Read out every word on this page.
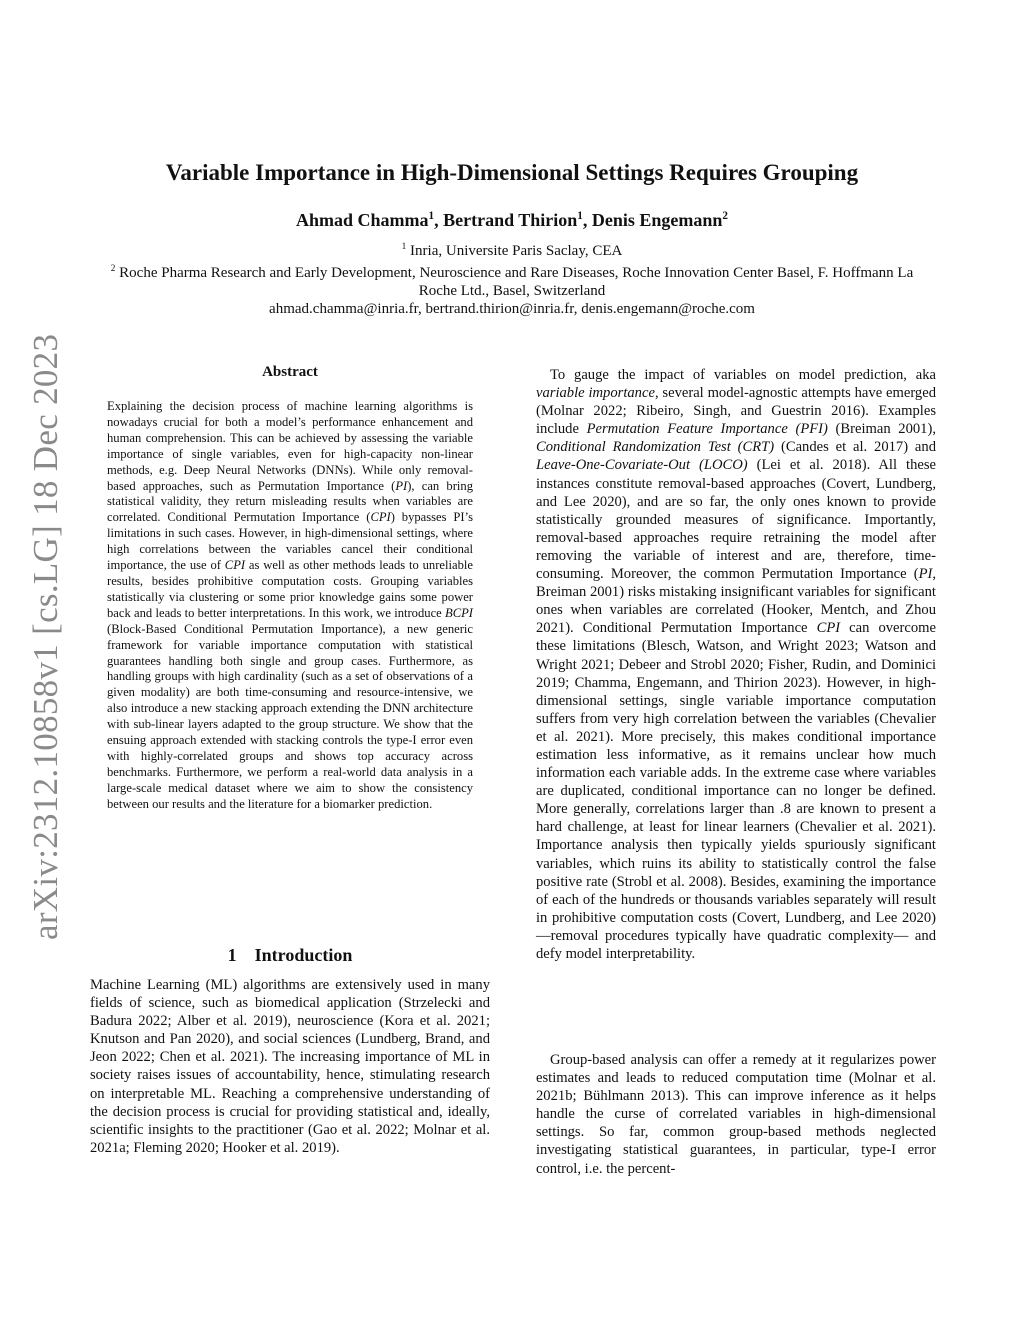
arXiv:2312.10858v1 [cs.LG] 18 Dec 2023
Variable Importance in High-Dimensional Settings Requires Grouping
Ahmad Chamma$^1$, Bertrand Thirion$^1$, Denis Engemann$^2$
$^1$ Inria, Universite Paris Saclay, CEA
$^2$ Roche Pharma Research and Early Development, Neuroscience and Rare Diseases, Roche Innovation Center Basel, F. Hoffmann La Roche Ltd., Basel, Switzerland
ahmad.chamma@inria.fr, bertrand.thirion@inria.fr, denis.engemann@roche.com
Abstract

Explaining the decision process of machine learning algorithms is nowadays crucial for both a model’s performance enhancement and human comprehension. This can be achieved by assessing the variable importance of single variables, even for high-capacity non-linear methods, e.g. Deep Neural Networks (DNNs). While only removal-based approaches, such as Permutation Importance (PI), can bring statistical validity, they return misleading results when variables are correlated. Conditional Permutation Importance (CPI) bypasses PI’s limitations in such cases. However, in high-dimensional settings, where high correlations between the variables cancel their conditional importance, the use of CPI as well as other methods leads to unreliable results, besides prohibitive computation costs. Grouping variables statistically via clustering or some prior knowledge gains some power back and leads to better interpretations. In this work, we introduce BCPI (Block-Based Conditional Permutation Importance), a new generic framework for variable importance computation with statistical guarantees handling both single and group cases. Furthermore, as handling groups with high cardinality (such as a set of observations of a given modality) are both time-consuming and resource-intensive, we also introduce a new stacking approach extending the DNN architecture with sub-linear layers adapted to the group structure. We show that the ensuing approach extended with stacking controls the type-I error even with highly-correlated groups and shows top accuracy across benchmarks. Furthermore, we perform a real-world data analysis in a large-scale medical dataset where we aim to show the consistency between our results and the literature for a biomarker prediction.

1 Introduction

Machine Learning (ML) algorithms are extensively used in many fields of science, such as biomedical application (Strzelecki and Badura 2022; Alber et al. 2019), neuroscience (Kora et al. 2021; Knutson and Pan 2020), and social sciences (Lundberg, Brand, and Jeon 2022; Chen et al. 2021). The increasing importance of ML in society raises issues of accountability, hence, stimulating research on interpretable ML. Reaching a comprehensive understanding of the decision process is crucial for providing statistical and, ideally, scientific insights to the practitioner (Gao et al. 2022; Molnar et al. 2021a; Fleming 2020; Hooker et al. 2019).

To gauge the impact of variables on model prediction, aka variable importance, several model-agnostic attempts have emerged (Molnar 2022; Ribeiro, Singh, and Guestrin 2016). Examples include Permutation Feature Importance (PFI) (Breiman 2001), Conditional Randomization Test (CRT) (Candes et al. 2017) and Leave-One-Covariate-Out (LOCO) (Lei et al. 2018). All these instances constitute removal-based approaches (Covert, Lundberg, and Lee 2020), and are so far, the only ones known to provide statistically grounded measures of significance. Importantly, removal-based approaches require retraining the model after removing the variable of interest and are, therefore, time-consuming. Moreover, the common Permutation Importance (PI, Breiman 2001) risks mistaking insignificant variables for significant ones when variables are correlated (Hooker, Mentch, and Zhou 2021). Conditional Permutation Importance CPI can overcome these limitations (Blesch, Watson, and Wright 2023; Watson and Wright 2021; Debeer and Strobl 2020; Fisher, Rudin, and Dominici 2019; Chamma, Engemann, and Thirion 2023). However, in high-dimensional settings, single variable importance computation suffers from very high correlation between the variables (Chevalier et al. 2021). More precisely, this makes conditional importance estimation less informative, as it remains unclear how much information each variable adds. In the extreme case where variables are duplicated, conditional importance can no longer be defined. More generally, correlations larger than .8 are known to present a hard challenge, at least for linear learners (Chevalier et al. 2021). Importance analysis then typically yields spuriously significant variables, which ruins its ability to statistically control the false positive rate (Strobl et al. 2008). Besides, examining the importance of each of the hundreds or thousands variables separately will result in prohibitive computation costs (Covert, Lundberg, and Lee 2020) —removal procedures typically have quadratic complexity— and defy model interpretability.

Group-based analysis can offer a remedy at it regularizes power estimates and leads to reduced computation time (Molnar et al. 2021b; Bühlmann 2013). This can improve inference as it helps handle the curse of correlated variables in high-dimensional settings. So far, common group-based methods neglected investigating statistical guarantees, in particular, type-I error control, i.e. the percent-
